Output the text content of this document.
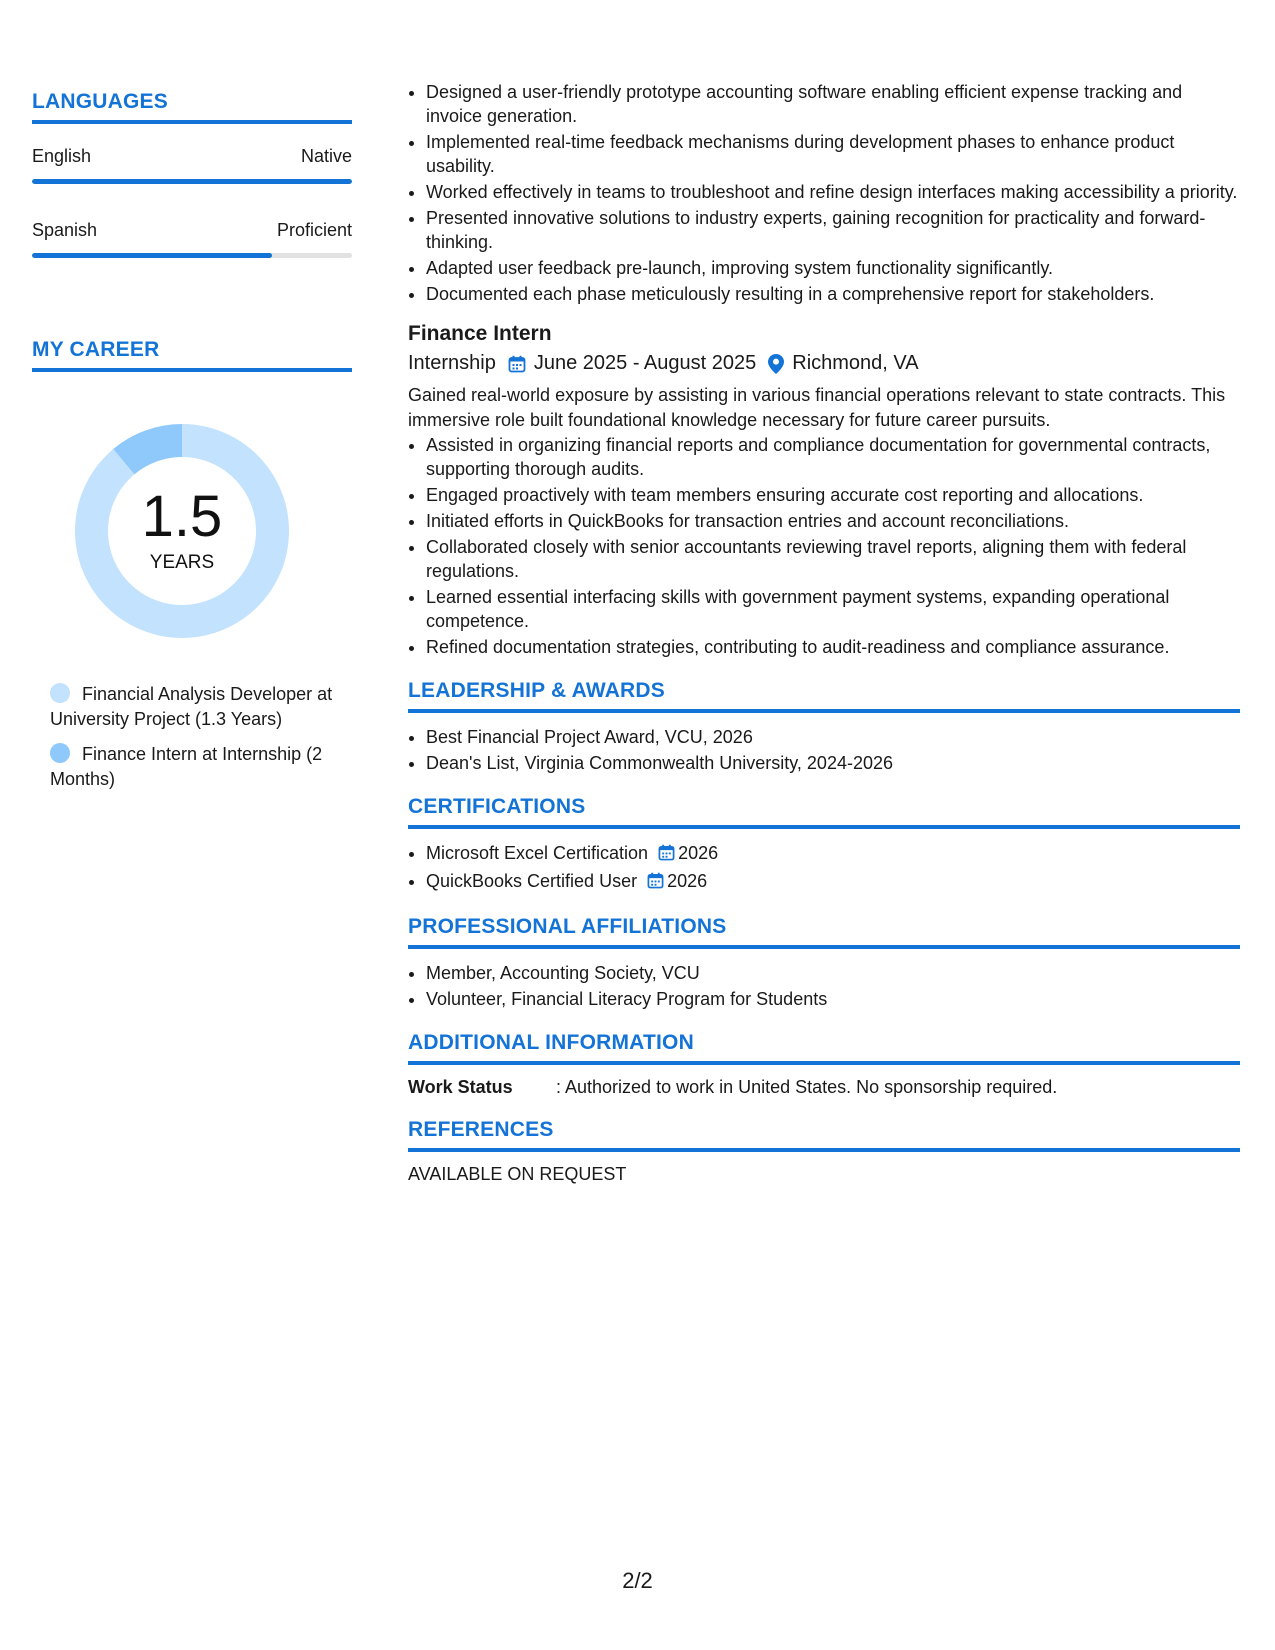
LANGUAGES
English	Native
Spanish	Proficient
MY CAREER
1.5
YEARS
Financial Analysis Developer at University Project (1.3 Years)
Finance Intern at Internship (2 Months)
• Designed a user-friendly prototype accounting software enabling efficient expense tracking and invoice generation.
• Implemented real-time feedback mechanisms during development phases to enhance product usability.
• Worked effectively in teams to troubleshoot and refine design interfaces making accessibility a priority.
• Presented innovative solutions to industry experts, gaining recognition for practicality and forward-thinking.
• Adapted user feedback pre-launch, improving system functionality significantly.
• Documented each phase meticulously resulting in a comprehensive report for stakeholders.
Finance Intern
Internship June 2025 - August 2025 Richmond, VA
Gained real-world exposure by assisting in various financial operations relevant to state contracts. This immersive role built foundational knowledge necessary for future career pursuits.
• Assisted in organizing financial reports and compliance documentation for governmental contracts, supporting thorough audits.
• Engaged proactively with team members ensuring accurate cost reporting and allocations.
• Initiated efforts in QuickBooks for transaction entries and account reconciliations.
• Collaborated closely with senior accountants reviewing travel reports, aligning them with federal regulations.
• Learned essential interfacing skills with government payment systems, expanding operational competence.
• Refined documentation strategies, contributing to audit-readiness and compliance assurance.
LEADERSHIP & AWARDS
• Best Financial Project Award, VCU, 2026
• Dean's List, Virginia Commonwealth University, 2024-2026
CERTIFICATIONS
• Microsoft Excel Certification 2026
• QuickBooks Certified User 2026
PROFESSIONAL AFFILIATIONS
• Member, Accounting Society, VCU
• Volunteer, Financial Literacy Program for Students
ADDITIONAL INFORMATION
Work Status	: Authorized to work in United States. No sponsorship required.
REFERENCES
AVAILABLE ON REQUEST
2/2
